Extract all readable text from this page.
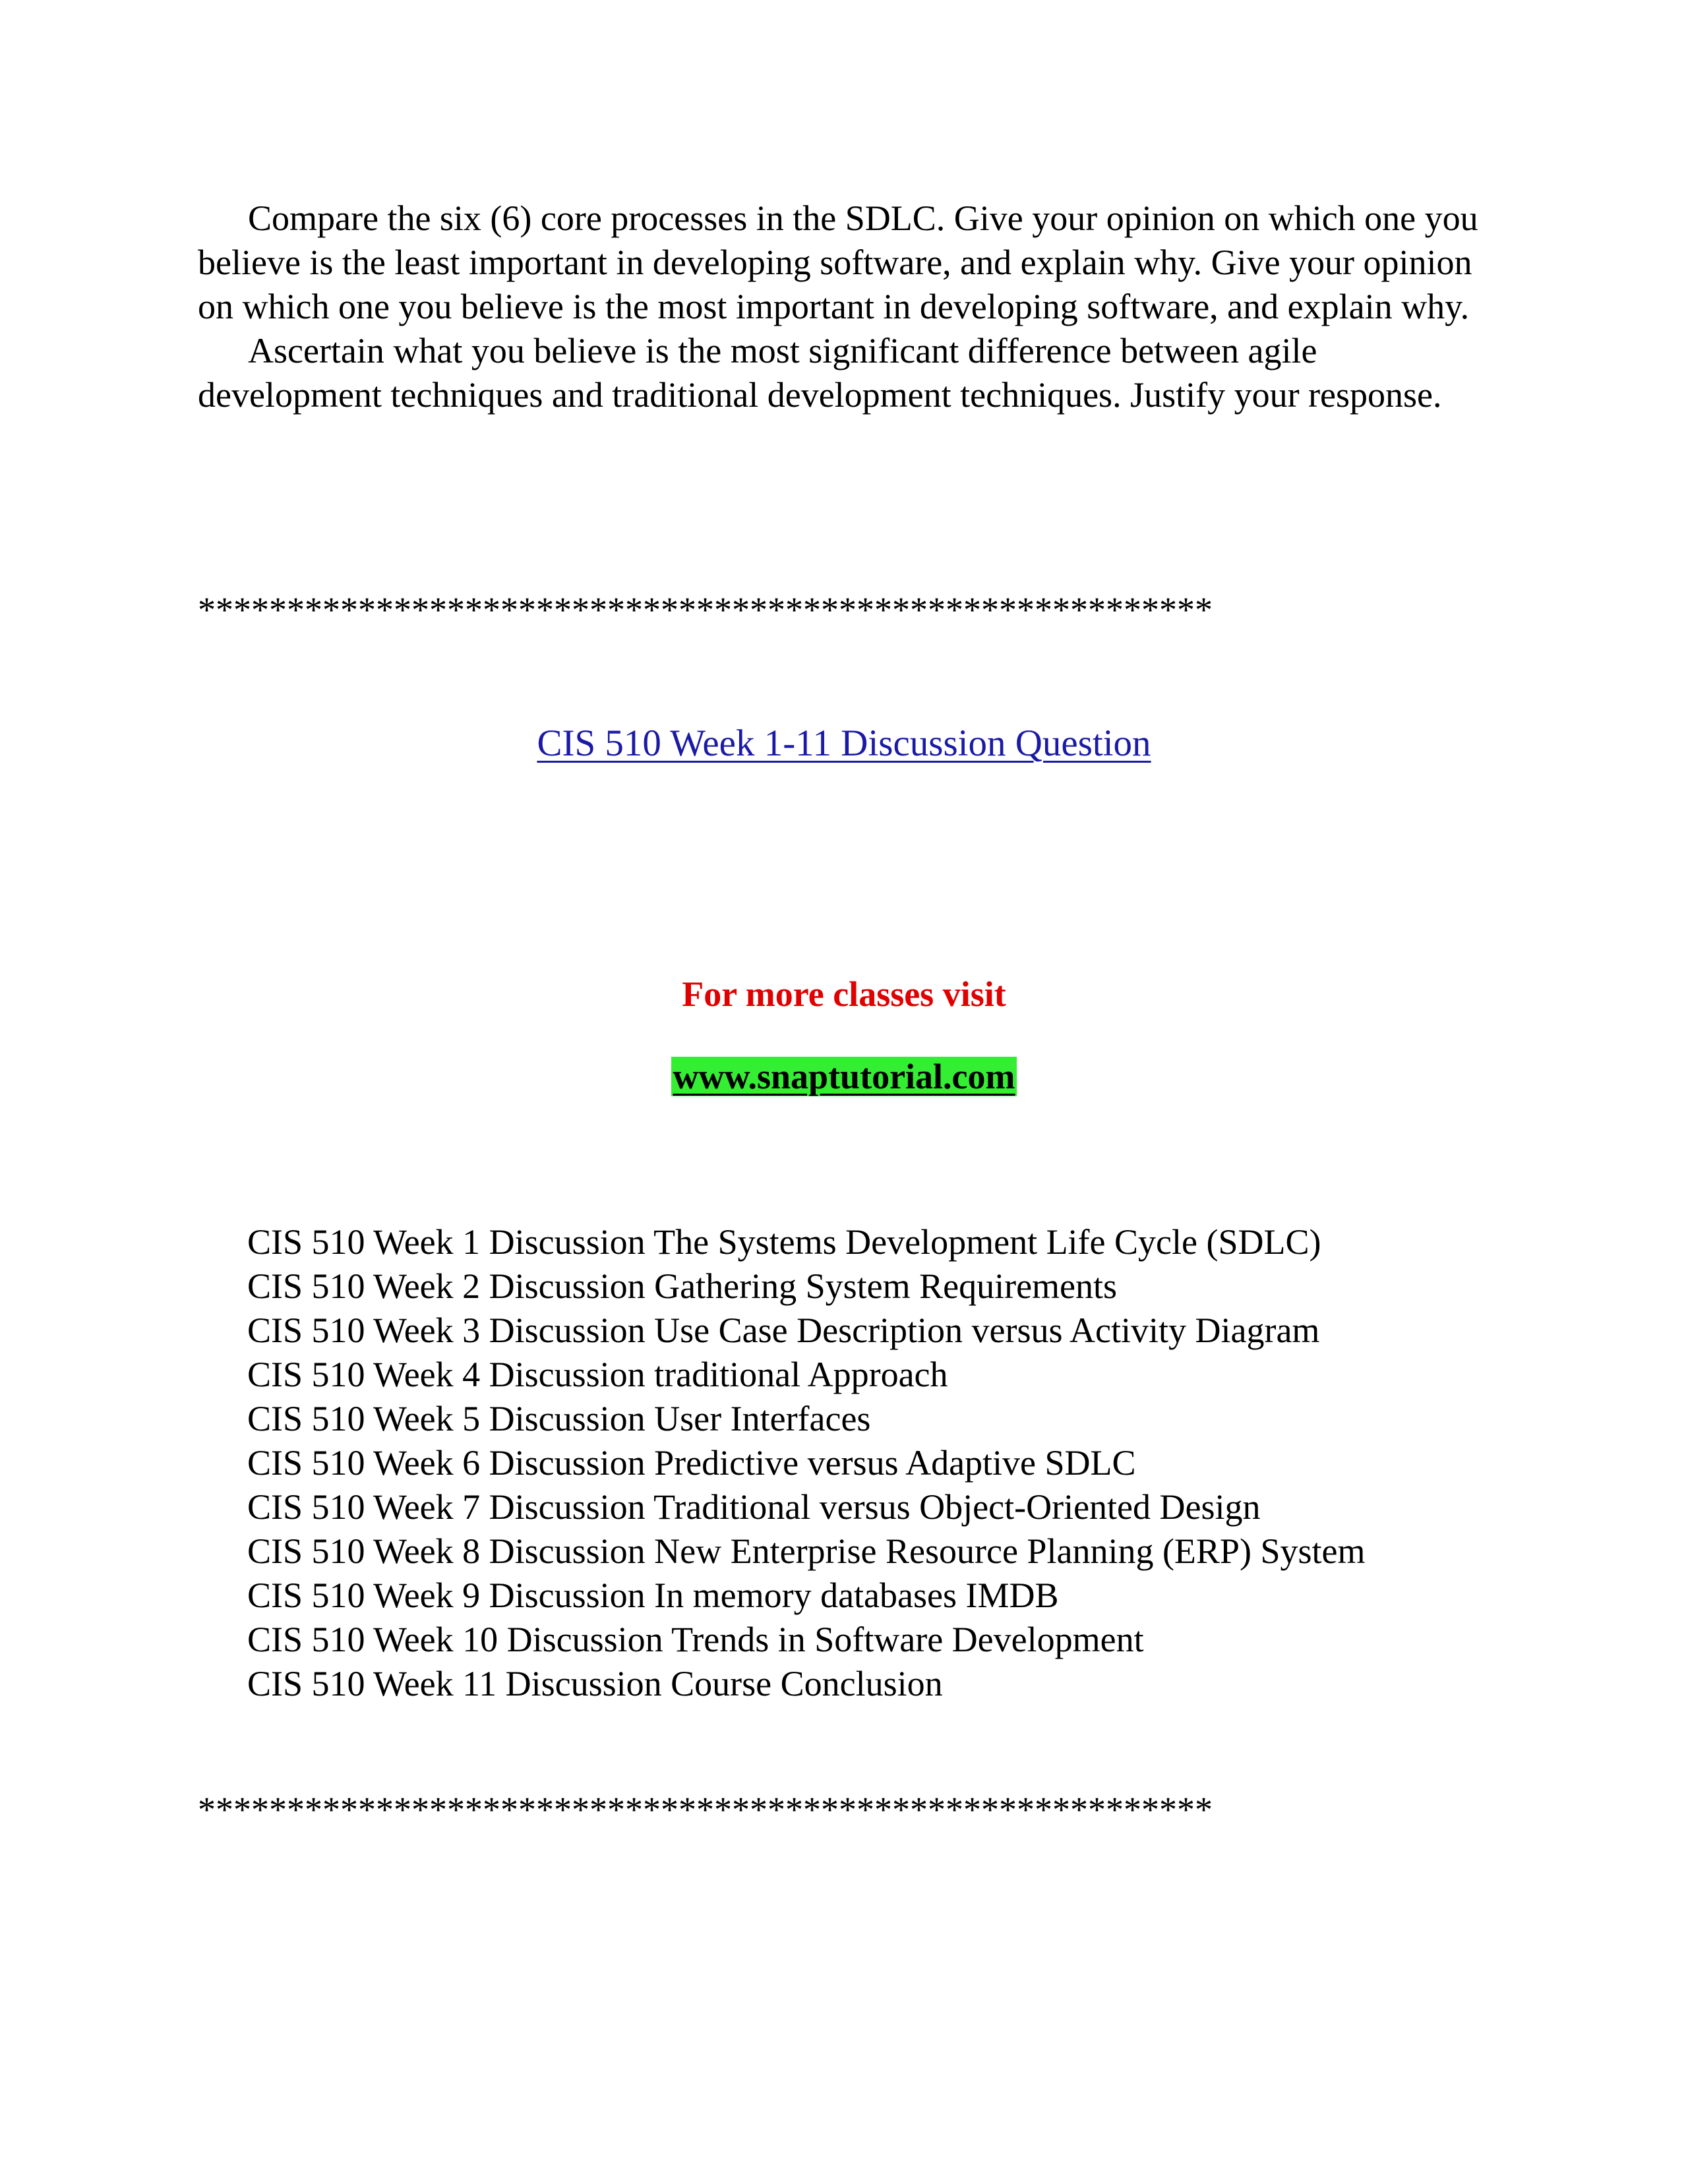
Compare the six (6) core processes in the SDLC. Give your opinion on which one you believe is the least important in developing software, and explain why. Give your opinion on which one you believe is the most important in developing software, and explain why.

Ascertain what you believe is the most significant difference between agile development techniques and traditional development techniques. Justify your response.

*********************************************************
CIS 510 Week 1-11 Discussion Question
For more classes visit
www.snaptutorial.com
CIS 510 Week 1 Discussion The Systems Development Life Cycle (SDLC)
CIS 510 Week 2 Discussion Gathering System Requirements
CIS 510 Week 3 Discussion Use Case Description versus Activity Diagram
CIS 510 Week 4 Discussion traditional Approach
CIS 510 Week 5 Discussion User Interfaces
CIS 510 Week 6 Discussion Predictive versus Adaptive SDLC
CIS 510 Week 7 Discussion Traditional versus Object-Oriented Design
CIS 510 Week 8 Discussion New Enterprise Resource Planning (ERP) System
CIS 510 Week 9 Discussion In memory databases IMDB
CIS 510 Week 10 Discussion Trends in Software Development
CIS 510 Week 11 Discussion Course Conclusion
*********************************************************
